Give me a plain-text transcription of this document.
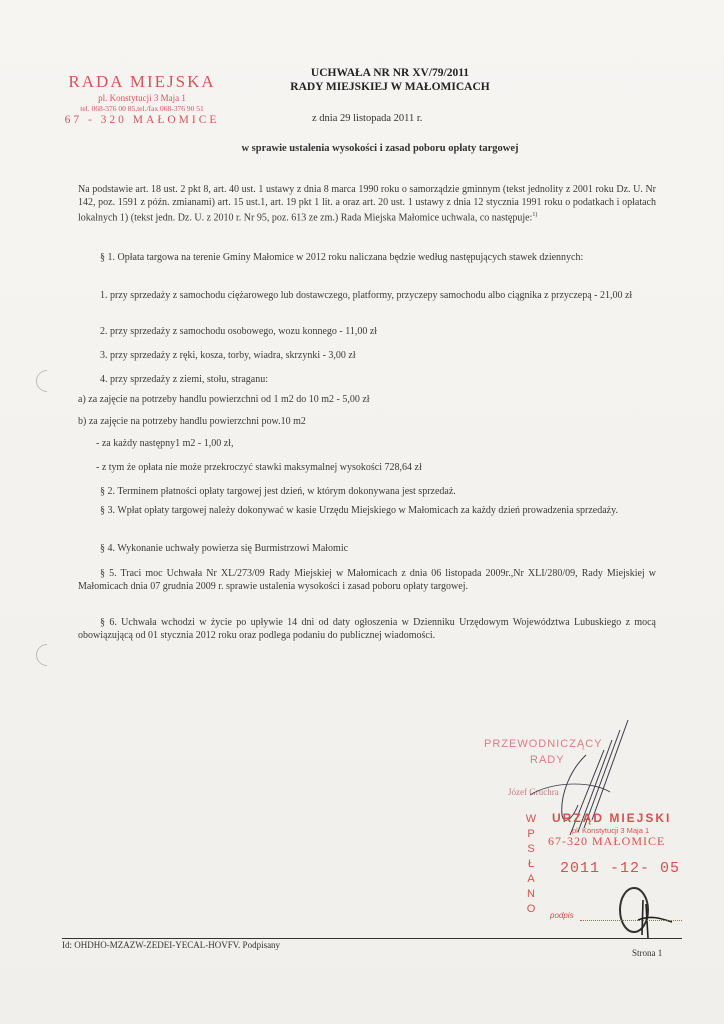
RADA MIEJSKA
pl. Konstytucji 3 Maja 1
tel. 068-376 00 85,tel./fax 068-376 90 51
67 - 320 MAŁOMICE
UCHWAŁA NR NR XV/79/2011
RADY MIEJSKIEJ W MAŁOMICACH
z dnia 29 listopada 2011 r.
w sprawie ustalenia wysokości i zasad poboru opłaty targowej
Na podstawie art. 18 ust. 2 pkt 8, art. 40 ust. 1 ustawy z dnia 8 marca 1990 roku o samorządzie gminnym (tekst jednolity z 2001 roku Dz. U. Nr 142, poz. 1591 z późn. zmianami) art. 15 ust.1, art. 19 pkt 1 lit. a oraz art. 20 ust. 1 ustawy z dnia 12 stycznia 1991 roku o podatkach i opłatach lokalnych 1) (tekst jedn. Dz. U. z 2010 r. Nr 95, poz. 613 ze zm.) Rada Miejska Małomice uchwala, co następuje:$^{1)}$
§ 1. Opłata targowa na terenie Gminy Małomice w 2012 roku naliczana będzie według następujących stawek dziennych:
1. przy sprzedaży z samochodu ciężarowego lub dostawczego, platformy, przyczepy samochodu albo ciągnika z przyczepą - 21,00 zł
2. przy sprzedaży z samochodu osobowego, wozu konnego - 11,00 zł
3. przy sprzedaży z ręki, kosza, torby, wiadra, skrzynki - 3,00 zł
4. przy sprzedaży z ziemi, stołu, straganu:
a) za zajęcie na potrzeby handlu powierzchni od 1 m2 do 10 m2 - 5,00 zł
b) za zajęcie na potrzeby handlu powierzchni pow.10 m2
- za każdy następny1 m2 - 1,00 zł,
- z tym że opłata nie może przekroczyć stawki maksymalnej wysokości 728,64 zł
§ 2. Terminem płatności opłaty targowej jest dzień, w którym dokonywana jest sprzedaż.
§ 3. Wpłat opłaty targowej należy dokonywać w kasie Urzędu Miejskiego w Małomicach za każdy dzień prowadzenia sprzedaży.
§ 4. Wykonanie uchwały powierza się Burmistrzowi Małomic
§ 5. Traci moc Uchwała Nr XL/273/09 Rady Miejskiej w Małomicach z dnia 06 listopada 2009r.,Nr XLI/280/09, Rady Miejskiej w Małomicach dnia 07 grudnia 2009 r. sprawie ustalenia wysokości i zasad poboru opłaty targowej.
§ 6. Uchwała wchodzi w życie po upływie 14 dni od daty ogłoszenia w Dzienniku Urzędowym Województwa Lubuskiego z mocą obowiązującą od 01 stycznia 2012 roku oraz podlega podaniu do publicznej wiadomości.
PRZEWODNICZĄCY
RADY
Józef Gruchra
W
P
S
Ł
A
N
O
URZĄD MIEJSKI
pl. Konstytucji 3 Maja 1
67-320 MAŁOMICE
2011 -12- 05
podpis
Id: OHDHO-MZAZW-ZEDEI-YECAL-HOVFV. Podpisany
Strona 1
